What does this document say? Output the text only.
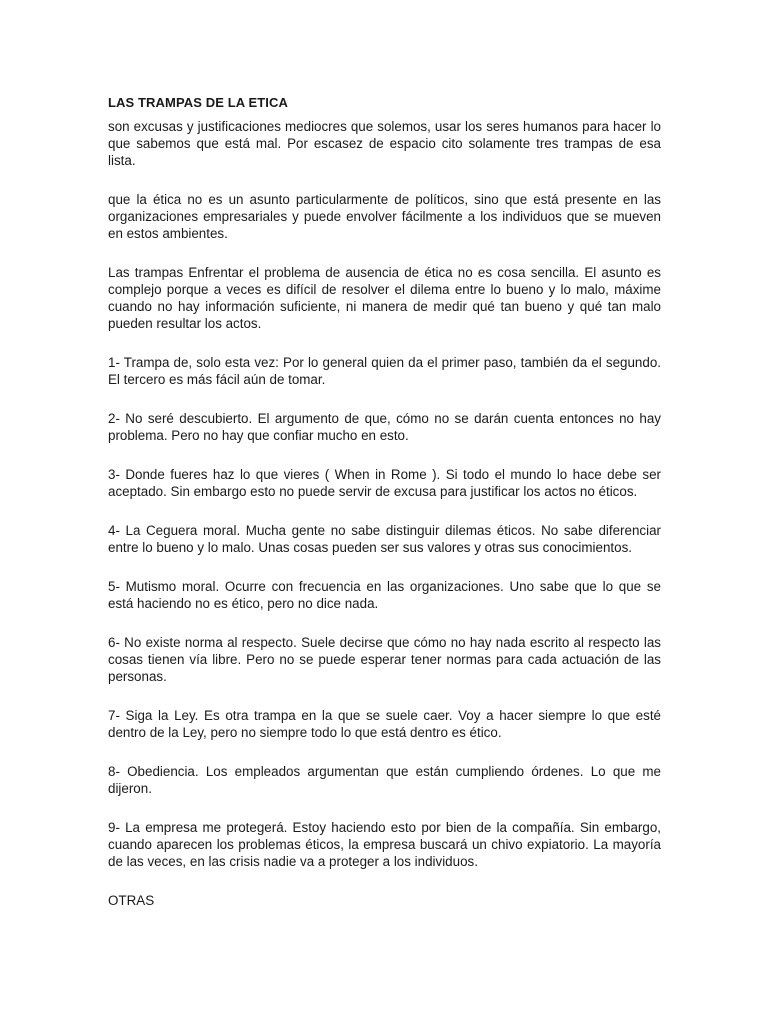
LAS TRAMPAS DE LA ETICA

son excusas y justificaciones mediocres que solemos, usar los seres humanos para hacer lo que sabemos que está mal. Por escasez de espacio cito solamente tres trampas de esa lista.

que la ética no es un asunto particularmente de políticos, sino que está presente en las organizaciones empresariales y puede envolver fácilmente a los individuos que se mueven en estos ambientes.

Las trampas Enfrentar el problema de ausencia de ética no es cosa sencilla. El asunto es complejo porque a veces es difícil de resolver el dilema entre lo bueno y lo malo, máxime cuando no hay información suficiente, ni manera de medir qué tan bueno y qué tan malo pueden resultar los actos.

1- Trampa de, solo esta vez: Por lo general quien da el primer paso, también da el segundo. El tercero es más fácil aún de tomar.

2- No seré descubierto. El argumento de que, cómo no se darán cuenta entonces no hay problema. Pero no hay que confiar mucho en esto.

3- Donde fueres haz lo que vieres ( When in Rome ). Si todo el mundo lo hace debe ser aceptado. Sin embargo esto no puede servir de excusa para justificar los actos no éticos.

4- La Ceguera moral. Mucha gente no sabe distinguir dilemas éticos. No sabe diferenciar entre lo bueno y lo malo. Unas cosas pueden ser sus valores y otras sus conocimientos.

5- Mutismo moral. Ocurre con frecuencia en las organizaciones. Uno sabe que lo que se está haciendo no es ético, pero no dice nada.

6- No existe norma al respecto. Suele decirse que cómo no hay nada escrito al respecto las cosas tienen vía libre. Pero no se puede esperar tener normas para cada actuación de las personas.

7- Siga la Ley. Es otra trampa en la que se suele caer. Voy a hacer siempre lo que esté dentro de la Ley, pero no siempre todo lo que está dentro es ético.

8- Obediencia. Los empleados argumentan que están cumpliendo órdenes. Lo que me dijeron.

9- La empresa me protegerá. Estoy haciendo esto por bien de la compañía. Sin embargo, cuando aparecen los problemas éticos, la empresa buscará un chivo expiatorio. La mayoría de las veces, en las crisis nadie va a proteger a los individuos.

OTRAS
